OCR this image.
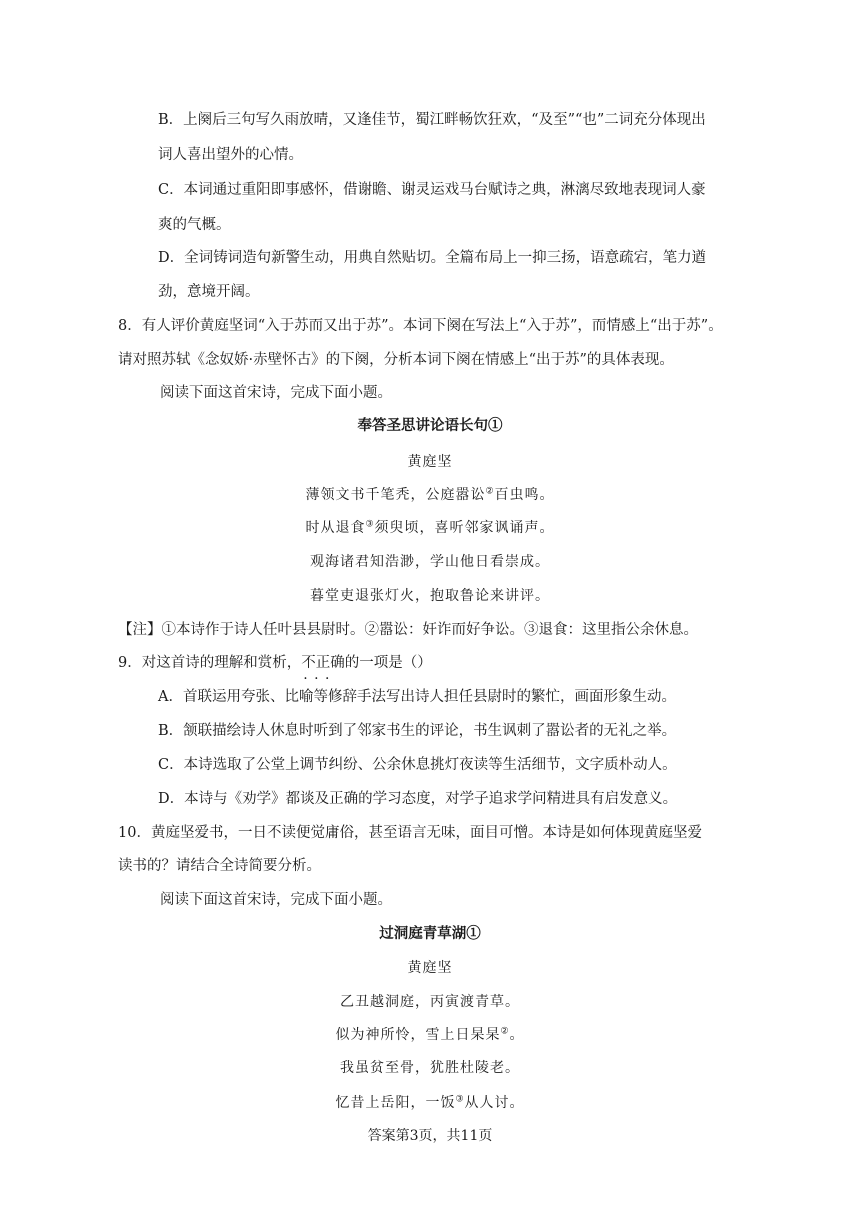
B．上阕后三句写久雨放晴，又逢佳节，蜀江畔畅饮狂欢，“及至”“也”二词充分体现出
词人喜出望外的心情。
C．本词通过重阳即事感怀，借谢瞻、谢灵运戏马台赋诗之典，淋漓尽致地表现词人豪
爽的气概。
D．全词铸词造句新警生动，用典自然贴切。全篇布局上一抑三扬，语意疏宕，笔力遒
劲，意境开阔。
8．有人评价黄庭坚词“入于苏而又出于苏”。本词下阕在写法上“入于苏”，而情感上“出于苏”。
请对照苏轼《念奴娇·赤壁怀古》的下阕，分析本词下阕在情感上“出于苏”的具体表现。
阅读下面这首宋诗，完成下面小题。
奉答圣思讲论语长句①
黄庭坚
薄领文书千笔秃，公庭嚣讼②百虫鸣。
时从退食③须臾顷，喜听邻家讽诵声。
观海诸君知浩渺，学山他日看崇成。
暮堂吏退张灯火，抱取鲁论来讲评。
【注】①本诗作于诗人任叶县县尉时。②嚣讼：奸诈而好争讼。③退食：这里指公余休息。
9．对这首诗的理解和赏析，不正确 · · ·的一项是（）
A．首联运用夸张、比喻等修辞手法写出诗人担任县尉时的繁忙，画面形象生动。
B．颔联描绘诗人休息时听到了邻家书生的评论，书生讽刺了嚣讼者的无礼之举。
C．本诗选取了公堂上调节纠纷、公余休息挑灯夜读等生活细节，文字质朴动人。
D．本诗与《劝学》都谈及正确的学习态度，对学子追求学问精进具有启发意义。
10．黄庭坚爱书，一日不读便觉庸俗，甚至语言无味，面目可憎。本诗是如何体现黄庭坚爱
读书的？请结合全诗简要分析。
阅读下面这首宋诗，完成下面小题。
过洞庭青草湖①
黄庭坚
乙丑越洞庭，丙寅渡青草。
似为神所怜，雪上日杲杲②。
我虽贫至骨，犹胜杜陵老。
忆昔上岳阳，一饭③从人讨。
答案第3页，共11页
